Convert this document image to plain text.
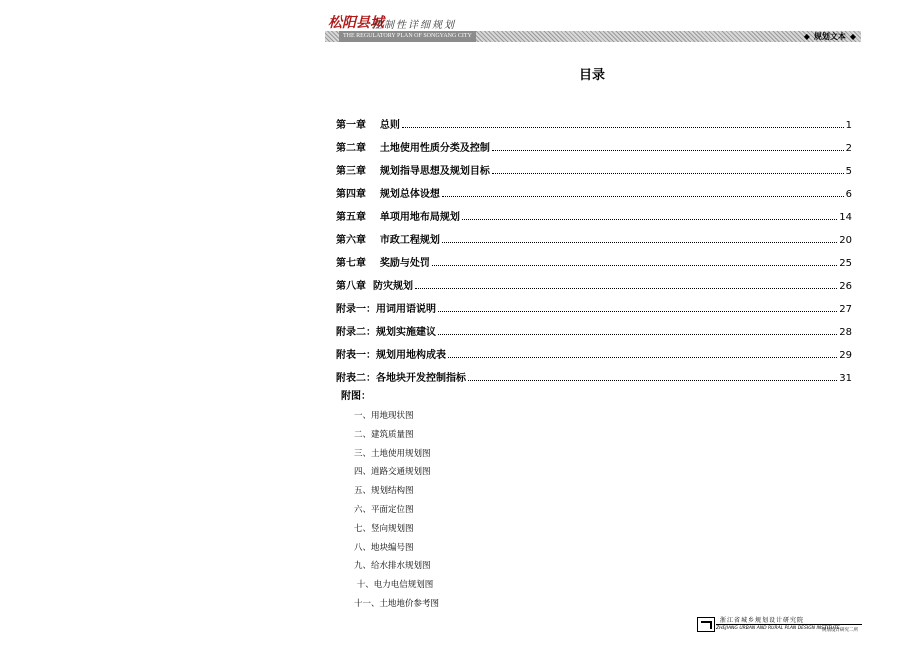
松阳县城
控制性详细规划
THE REGULATORY PLAN OF SONGYANG CITY	◆ 规划文本 ◆
目录
第一章    总则	1
第二章    土地使用性质分类及控制	2
第三章    规划指导思想及规划目标	5
第四章    规划总体设想	6
第五章    单项用地布局规划	14
第六章    市政工程规划	20
第七章    奖励与处罚	25
第八章  防灾规划	26
附录一：用词用语说明	27
附录二：规划实施建议	28
附表一：规划用地构成表	29
附表二：各地块开发控制指标	31
附图：
一、用地现状图
二、建筑质量图
三、土地使用规划图
四、道路交通规划图
五、规划结构图
六、平面定位图
七、竖向规划图
八、地块编号图
九、给水排水规划图
十、电力电信规划图
十一、土地地价参考图
浙江省城乡规划设计研究院
ZHEJIANG URBAN AND RURAL PLAN DESIGN INSTITUTE
规划设计研究二所
